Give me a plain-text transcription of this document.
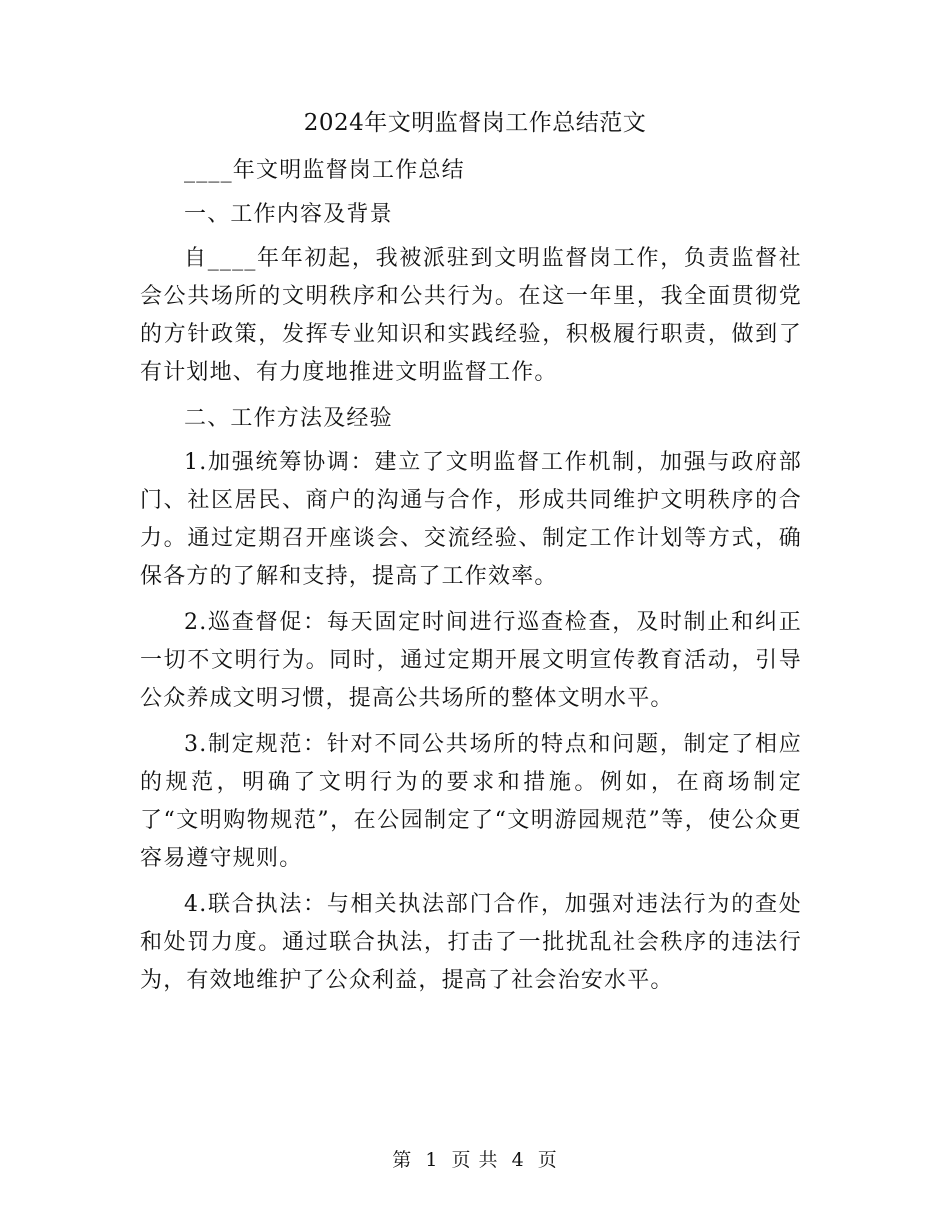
2024年文明监督岗工作总结范文

____年文明监督岗工作总结

一、工作内容及背景

自____年年初起，我被派驻到文明监督岗工作，负责监督社会公共场所的文明秩序和公共行为。在这一年里，我全面贯彻党的方针政策，发挥专业知识和实践经验，积极履行职责，做到了有计划地、有力度地推进文明监督工作。

二、工作方法及经验

1.加强统筹协调：建立了文明监督工作机制，加强与政府部门、社区居民、商户的沟通与合作，形成共同维护文明秩序的合力。通过定期召开座谈会、交流经验、制定工作计划等方式，确保各方的了解和支持，提高了工作效率。

2.巡查督促：每天固定时间进行巡查检查，及时制止和纠正一切不文明行为。同时，通过定期开展文明宣传教育活动，引导公众养成文明习惯，提高公共场所的整体文明水平。

3.制定规范：针对不同公共场所的特点和问题，制定了相应的规范，明确了文明行为的要求和措施。例如，在商场制定了“文明购物规范”，在公园制定了“文明游园规范”等，使公众更容易遵守规则。

4.联合执法：与相关执法部门合作，加强对违法行为的查处和处罚力度。通过联合执法，打击了一批扰乱社会秩序的违法行为，有效地维护了公众利益，提高了社会治安水平。

第 1 页 共 4 页
